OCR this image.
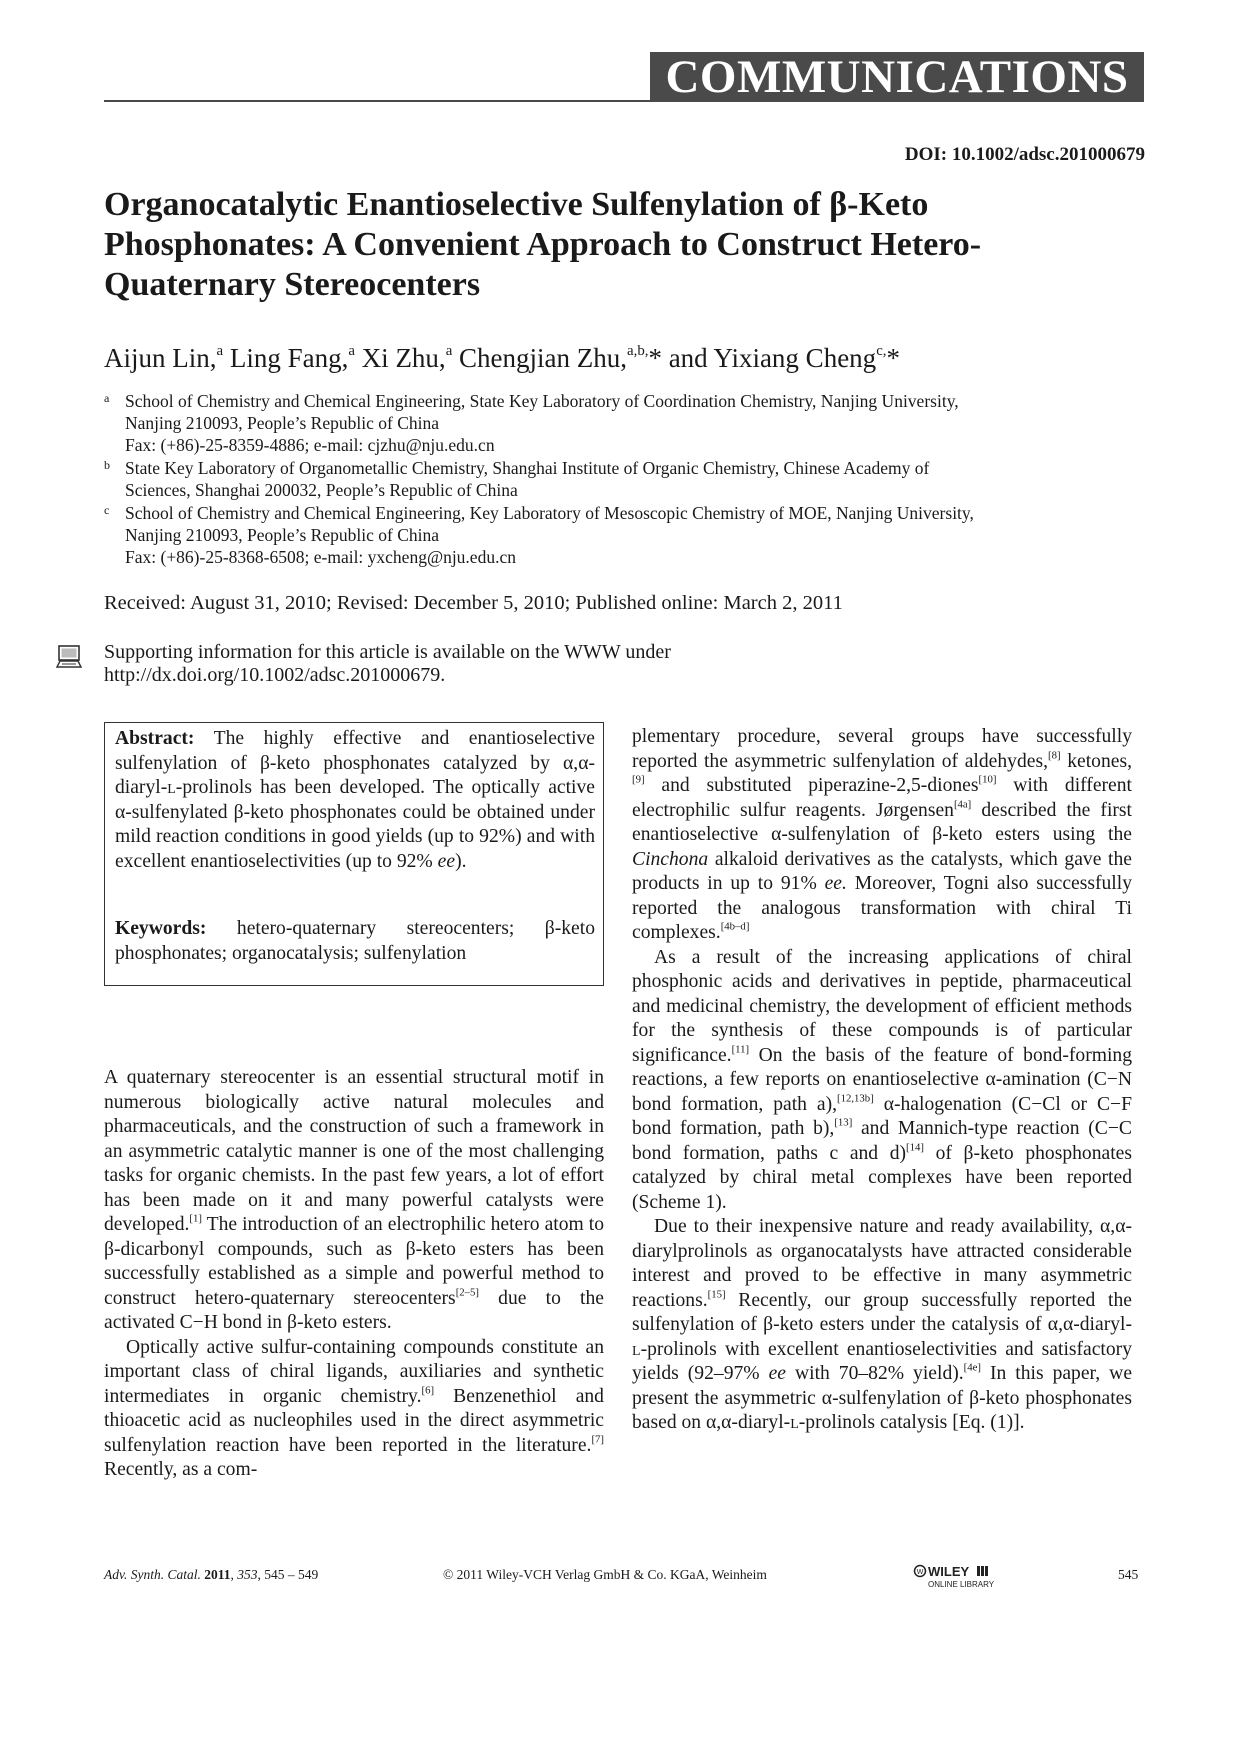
COMMUNICATIONS
DOI: 10.1002/adsc.201000679
Organocatalytic Enantioselective Sulfenylation of β-Keto Phosphonates: A Convenient Approach to Construct Hetero-Quaternary Stereocenters
Aijun Lin,$^a$ Ling Fang,$^a$ Xi Zhu,$^a$ Chengjian Zhu,$^{a,b,}$* and Yixiang Cheng$^{c,}$*
a School of Chemistry and Chemical Engineering, State Key Laboratory of Coordination Chemistry, Nanjing University,
Nanjing 210093, People’s Republic of China
Fax: (+86)-25-8359-4886; e-mail: cjzhu@nju.edu.cn
b State Key Laboratory of Organometallic Chemistry, Shanghai Institute of Organic Chemistry, Chinese Academy of
Sciences, Shanghai 200032, People’s Republic of China
c School of Chemistry and Chemical Engineering, Key Laboratory of Mesoscopic Chemistry of MOE, Nanjing University,
Nanjing 210093, People’s Republic of China
Fax: (+86)-25-8368-6508; e-mail: yxcheng@nju.edu.cn
Received: August 31, 2010; Revised: December 5, 2010; Published online: March 2, 2011
Supporting information for this article is available on the WWW under
http://dx.doi.org/10.1002/adsc.201000679.

Abstract: The highly effective and enantioselective sulfenylation of β-keto phosphonates catalyzed by α,α-diaryl-l-prolinols has been developed. The optically active α-sulfenylated β-keto phosphonates could be obtained under mild reaction conditions in good yields (up to 92%) and with excellent enantioselectivities (up to 92% ee).

Keywords: hetero-quaternary stereocenters; β-keto phosphonates; organocatalysis; sulfenylation

A quaternary stereocenter is an essential structural motif in numerous biologically active natural molecules and pharmaceuticals, and the construction of such a framework in an asymmetric catalytic manner is one of the most challenging tasks for organic chemists. In the past few years, a lot of effort has been made on it and many powerful catalysts were developed.[1] The introduction of an electrophilic hetero atom to β-dicarbonyl compounds, such as β-keto esters has been successfully established as a simple and powerful method to construct hetero-quaternary stereocenters[2–5] due to the activated C−H bond in β-keto esters.

Optically active sulfur-containing compounds constitute an important class of chiral ligands, auxiliaries and synthetic intermediates in organic chemistry.[6] Benzenethiol and thioacetic acid as nucleophiles used in the direct asymmetric sulfenylation reaction have been reported in the literature.[7] Recently, as a com-

plementary procedure, several groups have successfully reported the asymmetric sulfenylation of aldehydes,[8] ketones,[9] and substituted piperazine-2,5-diones[10] with different electrophilic sulfur reagents. Jørgensen[4a] described the first enantioselective α-sulfenylation of β-keto esters using the Cinchona alkaloid derivatives as the catalysts, which gave the products in up to 91% ee. Moreover, Togni also successfully reported the analogous transformation with chiral Ti complexes.[4b–d]

As a result of the increasing applications of chiral phosphonic acids and derivatives in peptide, pharmaceutical and medicinal chemistry, the development of efficient methods for the synthesis of these compounds is of particular significance.[11] On the basis of the feature of bond-forming reactions, a few reports on enantioselective α-amination (C−N bond formation, path a),[12,13b] α-halogenation (C−Cl or C−F bond formation, path b),[13] and Mannich-type reaction (C−C bond formation, paths c and d)[14] of β-keto phosphonates catalyzed by chiral metal complexes have been reported (Scheme 1).

Due to their inexpensive nature and ready availability, α,α-diarylprolinols as organocatalysts have attracted considerable interest and proved to be effective in many asymmetric reactions.[15] Recently, our group successfully reported the sulfenylation of β-keto esters under the catalysis of α,α-diaryl-l-prolinols with excellent enantioselectivities and satisfactory yields (92–97% ee with 70–82% yield).[4e] In this paper, we present the asymmetric α-sulfenylation of β-keto phosphonates based on α,α-diaryl-l-prolinols catalysis [Eq. (1)].

Adv. Synth. Catal. 2011, 353, 545 – 549	© 2011 Wiley-VCH Verlag GmbH & Co. KGaA, Weinheim	W WILEY
ONLINE LIBRARY
545
